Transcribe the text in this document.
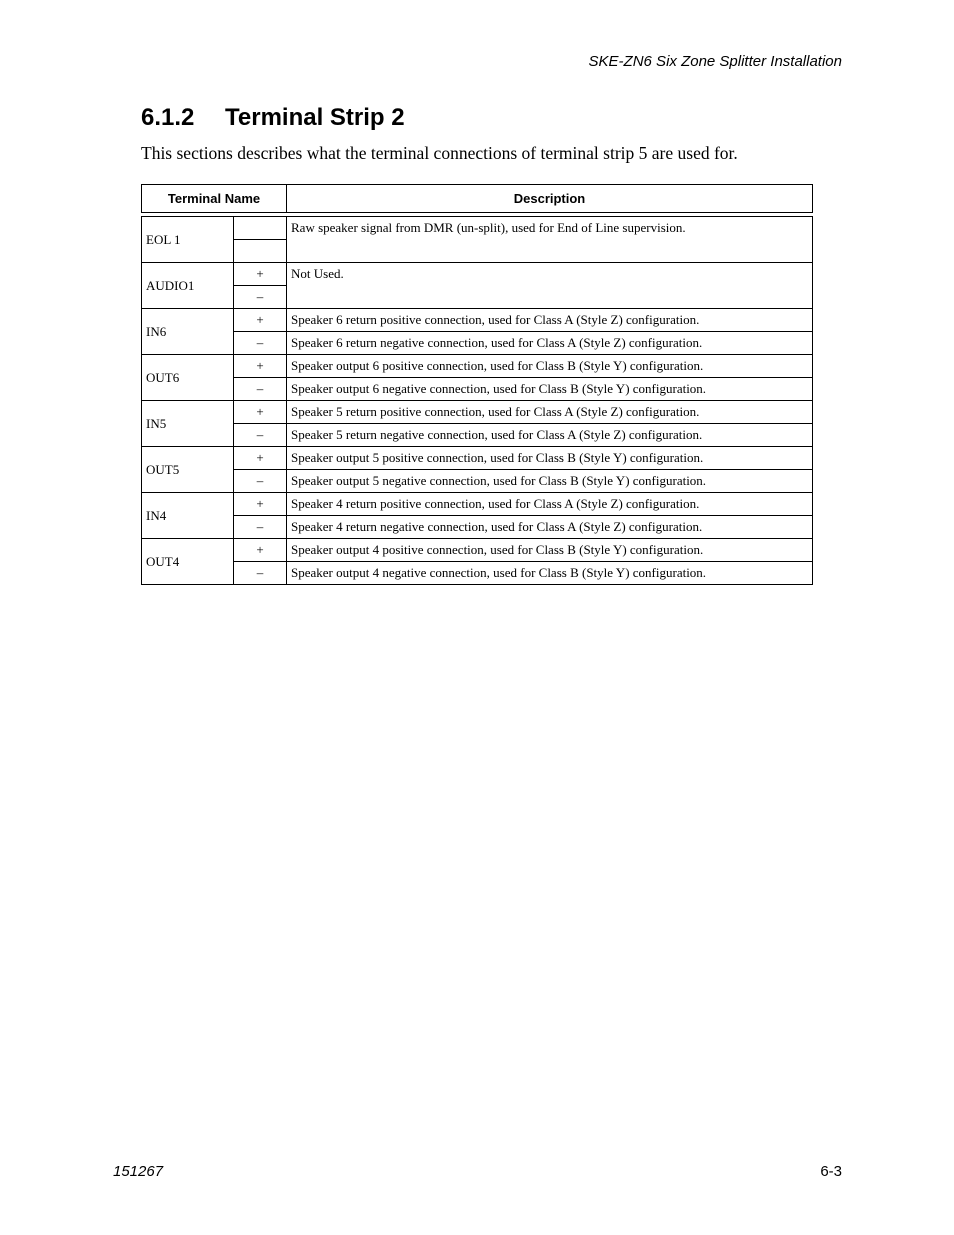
SKE-ZN6 Six Zone Splitter Installation
6.1.2 Terminal Strip 2

This sections describes what the terminal connections of terminal strip 5 are used for.

Terminal Name		Description

EOL 1		Raw speaker signal from DMR (un-split), used for End of Line supervision.

AUDIO1	+	Not Used.
	–	
IN6	+	Speaker 6 return positive connection, used for Class A (Style Z) configuration.
	–	Speaker 6 return negative connection, used for Class A (Style Z) configuration.
OUT6	+	Speaker output 6 positive connection, used for Class B (Style Y) configuration.
	–	Speaker output 6 negative connection, used for Class B (Style Y) configuration.
IN5	+	Speaker 5 return positive connection, used for Class A (Style Z) configuration.
	–	Speaker 5 return negative connection, used for Class A (Style Z) configuration.
OUT5	+	Speaker output 5 positive connection, used for Class B (Style Y) configuration.
	–	Speaker output 5 negative connection, used for Class B (Style Y) configuration.
IN4	+	Speaker 4 return positive connection, used for Class A (Style Z) configuration.
	–	Speaker 4 return negative connection, used for Class A (Style Z) configuration.
OUT4	+	Speaker output 4 positive connection, used for Class B (Style Y) configuration.
	–	Speaker output 4 negative connection, used for Class B (Style Y) configuration.
151267	6-3
